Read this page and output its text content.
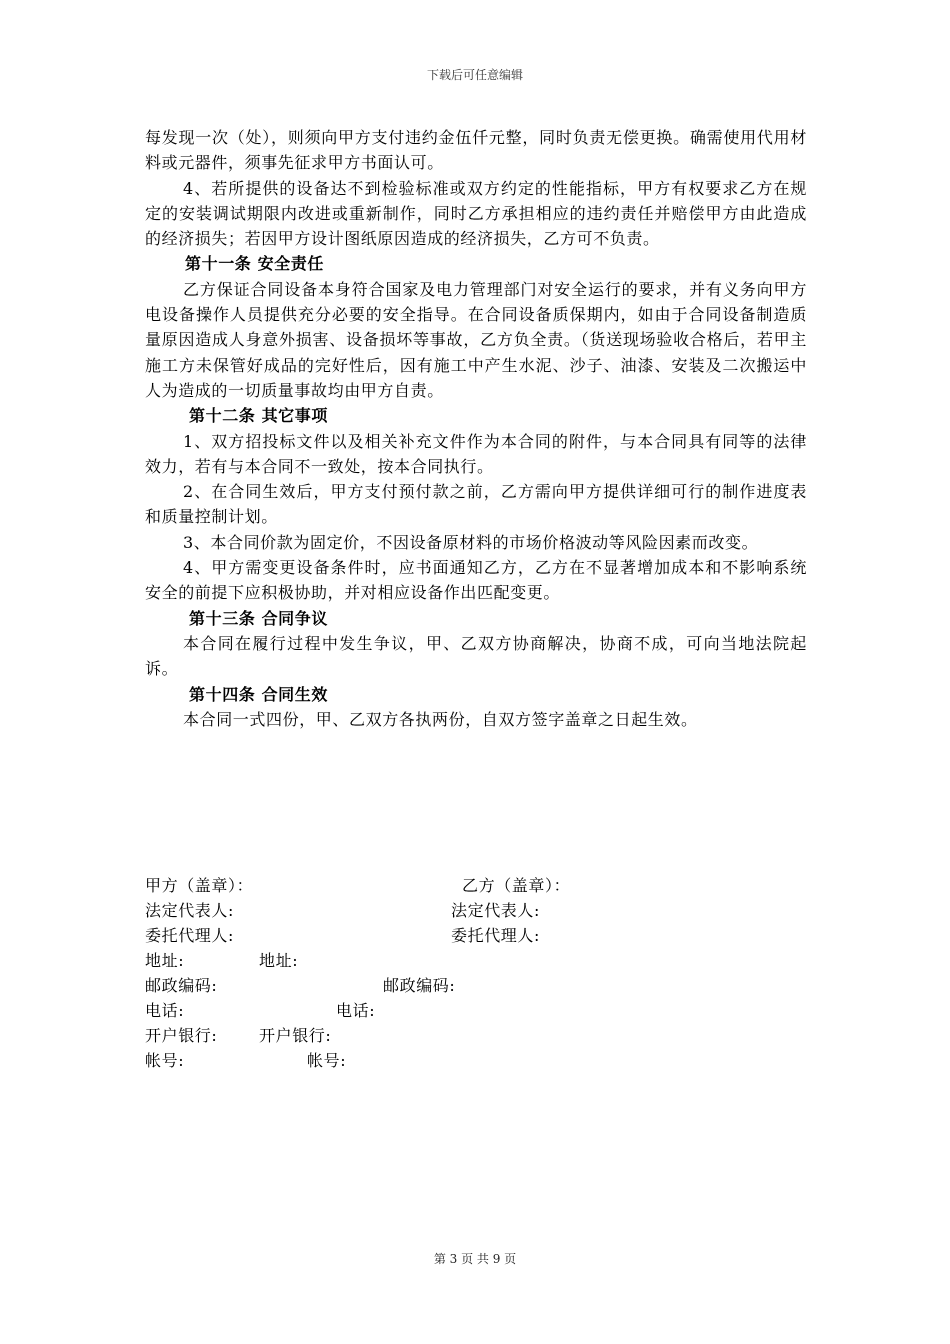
下载后可任意编辑

每发现一次（处），则须向甲方支付违约金伍仟元整，同时负责无偿更换。确需使用代用材料或元器件，须事先征求甲方书面认可。

4、若所提供的设备达不到检验标准或双方约定的性能指标，甲方有权要求乙方在规定的安装调试期限内改进或重新制作，同时乙方承担相应的违约责任并赔偿甲方由此造成的经济损失；若因甲方设计图纸原因造成的经济损失，乙方可不负责。

第十一条 安全责任

乙方保证合同设备本身符合国家及电力管理部门对安全运行的要求，并有义务向甲方电设备操作人员提供充分必要的安全指导。在合同设备质保期内，如由于合同设备制造质量原因造成人身意外损害、设备损坏等事故，乙方负全责。（货送现场验收合格后，若甲主施工方未保管好成品的完好性后，因有施工中产生水泥、沙子、油漆、安装及二次搬运中人为造成的一切质量事故均由甲方自责。

第十二条 其它事项

1、双方招投标文件以及相关补充文件作为本合同的附件，与本合同具有同等的法律效力，若有与本合同不一致处，按本合同执行。

2、在合同生效后，甲方支付预付款之前，乙方需向甲方提供详细可行的制作进度表和质量控制计划。

3、本合同价款为固定价，不因设备原材料的市场价格波动等风险因素而改变。

4、甲方需变更设备条件时，应书面通知乙方，乙方在不显著增加成本和不影响系统安全的前提下应积极协助，并对相应设备作出匹配变更。

第十三条 合同争议

本合同在履行过程中发生争议，甲、乙双方协商解决，协商不成，可向当地法院起诉。

第十四条 合同生效

本合同一式四份，甲、乙双方各执两份，自双方签字盖章之日起生效。

甲方（盖章）：	乙方（盖章）：
法定代表人:	法定代表人:
委托代理人:	委托代理人:
地址:	地址:
邮政编码:	邮政编码:
电话:	电话:
开户银行:	开户银行:
帐号:	帐号:
第 3 页 共 9 页
